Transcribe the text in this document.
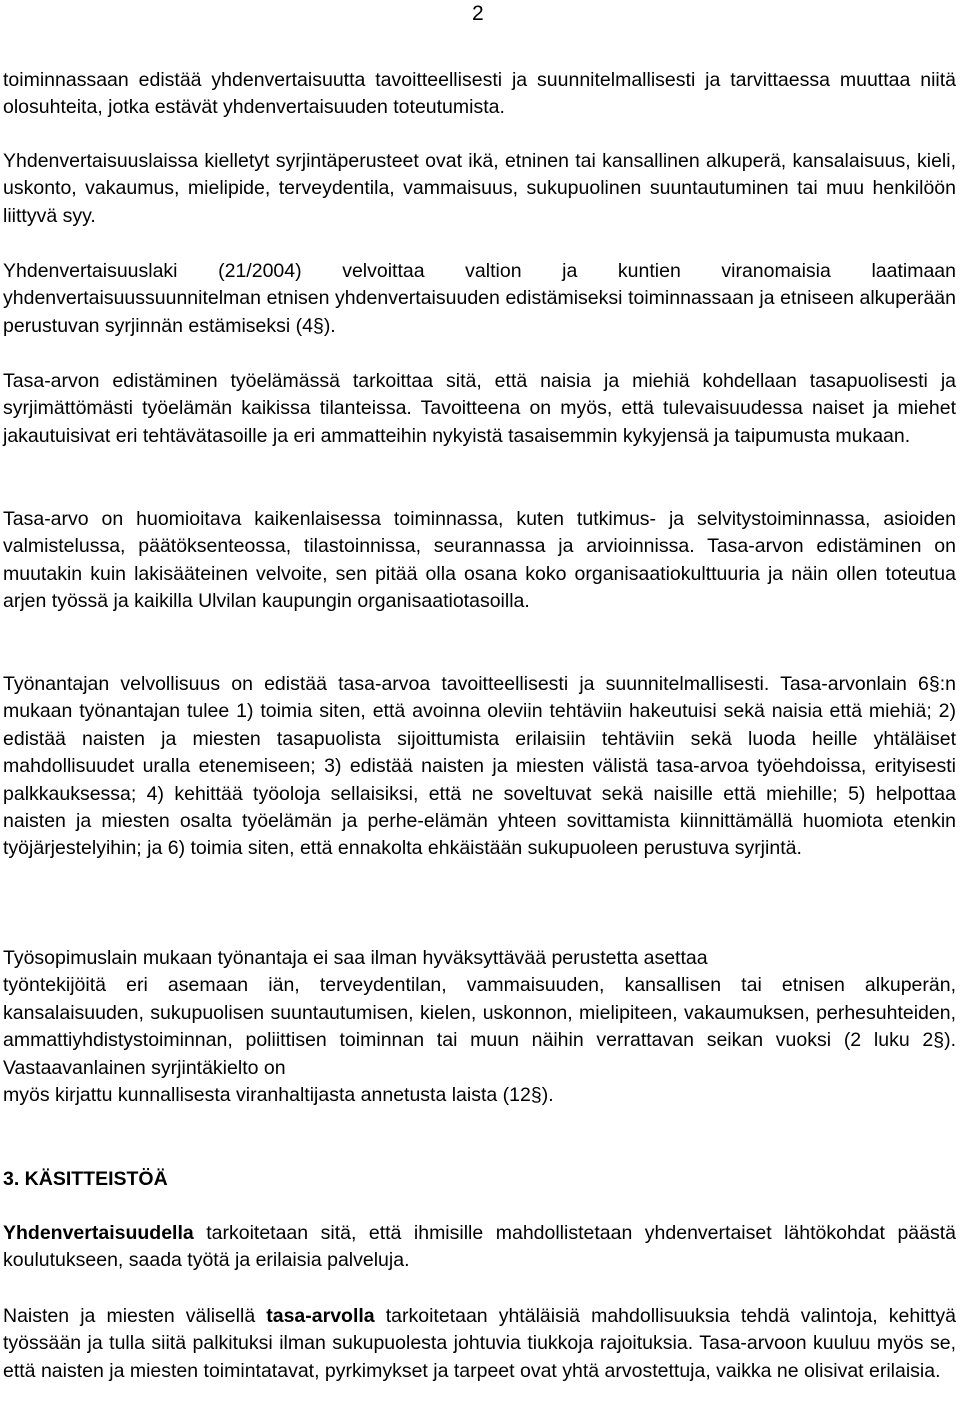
2

toiminnassaan edistää yhdenvertaisuutta tavoitteellisesti ja suunnitelmallisesti ja tarvittaessa muuttaa niitä olosuhteita, jotka estävät yhdenvertaisuuden toteutumista.

Yhdenvertaisuuslaissa kielletyt syrjintäperusteet ovat ikä, etninen tai kansallinen alkuperä, kansalaisuus, kieli, uskonto, vakaumus, mielipide, terveydentila, vammaisuus, sukupuolinen suuntautuminen tai muu henkilöön liittyvä syy.

Yhdenvertaisuuslaki (21/2004) velvoittaa valtion ja kuntien viranomaisia laatimaan yhdenvertaisuussuunnitelman etnisen yhdenvertaisuuden edistämiseksi toiminnassaan ja etniseen alkuperään perustuvan syrjinnän estämiseksi (4§).

Tasa-arvon edistäminen työelämässä tarkoittaa sitä, että naisia ja miehiä kohdellaan tasapuolisesti ja syrjimättömästi työelämän kaikissa tilanteissa. Tavoitteena on myös, että tulevaisuudessa naiset ja miehet jakautuisivat eri tehtävätasoille ja eri ammatteihin nykyistä tasaisemmin kykyjensä ja taipumusta mukaan.

Tasa-arvo on huomioitava kaikenlaisessa toiminnassa, kuten tutkimus- ja selvitystoiminnassa, asioiden valmistelussa, päätöksenteossa, tilastoinnissa, seurannassa ja arvioinnissa. Tasa-arvon edistäminen on muutakin kuin lakisääteinen velvoite, sen pitää olla osana koko organisaatiokulttuuria ja näin ollen toteutua arjen työssä ja kaikilla Ulvilan kaupungin organisaatiotasoilla.

Työnantajan velvollisuus on edistää tasa-arvoa tavoitteellisesti ja suunnitelmallisesti. Tasa-arvonlain 6§:n mukaan työnantajan tulee 1) toimia siten, että avoinna oleviin tehtäviin hakeutuisi sekä naisia että miehiä; 2) edistää naisten ja miesten tasapuolista sijoittumista erilaisiin tehtäviin sekä luoda heille yhtäläiset mahdollisuudet uralla etenemiseen; 3) edistää naisten ja miesten välistä tasa-arvoa työehdoissa, erityisesti palkkauksessa; 4) kehittää työoloja sellaisiksi, että ne soveltuvat sekä naisille että miehille; 5) helpottaa naisten ja miesten osalta työelämän ja perhe-elämän yhteen sovittamista kiinnittämällä huomiota etenkin työjärjestelyihin; ja 6) toimia siten, että ennakolta ehkäistään sukupuoleen perustuva syrjintä.

Työsopimuslain mukaan työnantaja ei saa ilman hyväksyttävää perustetta asettaa
työntekijöitä eri asemaan iän, terveydentilan, vammaisuuden, kansallisen tai etnisen alkuperän, kansalaisuuden, sukupuolisen suuntautumisen, kielen, uskonnon, mielipiteen, vakaumuksen, perhesuhteiden, ammattiyhdistystoiminnan, poliittisen toiminnan tai muun näihin verrattavan seikan vuoksi (2 luku 2§). Vastaavanlainen syrjintäkielto on
myös kirjattu kunnallisesta viranhaltijasta annetusta laista (12§).

3. KÄSITTEISTÖÄ

Yhdenvertaisuudella tarkoitetaan sitä, että ihmisille mahdollistetaan yhdenvertaiset lähtökohdat päästä koulutukseen, saada työtä ja erilaisia palveluja.

Naisten ja miesten välisellä tasa-arvolla tarkoitetaan yhtäläisiä mahdollisuuksia tehdä valintoja, kehittyä työssään ja tulla siitä palkituksi ilman sukupuolesta johtuvia tiukkoja rajoituksia. Tasa-arvoon kuuluu myös se, että naisten ja miesten toimintatavat, pyrkimykset ja tarpeet ovat yhtä arvostettuja, vaikka ne olisivat erilaisia.
